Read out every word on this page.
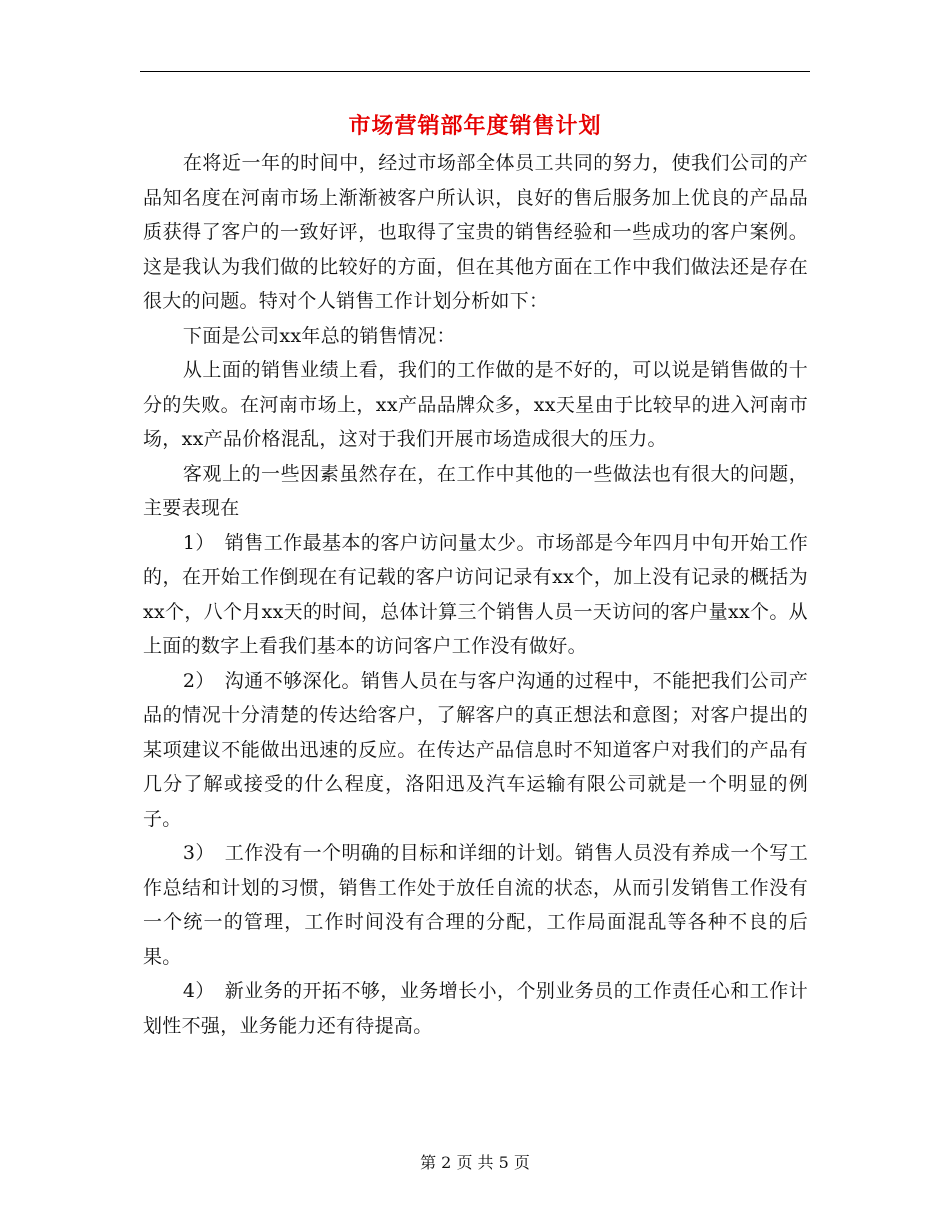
市场营销部年度销售计划

在将近一年的时间中，经过市场部全体员工共同的努力，使我们公司的产品知名度在河南市场上渐渐被客户所认识，良好的售后服务加上优良的产品品质获得了客户的一致好评，也取得了宝贵的销售经验和一些成功的客户案例。这是我认为我们做的比较好的方面，但在其他方面在工作中我们做法还是存在很大的问题。特对个人销售工作计划分析如下：

下面是公司xx年总的销售情况：

从上面的销售业绩上看，我们的工作做的是不好的，可以说是销售做的十分的失败。在河南市场上，xx产品品牌众多，xx天星由于比较早的进入河南市场，xx产品价格混乱，这对于我们开展市场造成很大的压力。

客观上的一些因素虽然存在，在工作中其他的一些做法也有很大的问题，主要表现在

1）　销售工作最基本的客户访问量太少。市场部是今年四月中旬开始工作的，在开始工作倒现在有记载的客户访问记录有xx个，加上没有记录的概括为xx个，八个月xx天的时间，总体计算三个销售人员一天访问的客户量xx个。从上面的数字上看我们基本的访问客户工作没有做好。

2）　沟通不够深化。销售人员在与客户沟通的过程中，不能把我们公司产品的情况十分清楚的传达给客户，了解客户的真正想法和意图；对客户提出的某项建议不能做出迅速的反应。在传达产品信息时不知道客户对我们的产品有几分了解或接受的什么程度，洛阳迅及汽车运输有限公司就是一个明显的例子。

3）　工作没有一个明确的目标和详细的计划。销售人员没有养成一个写工作总结和计划的习惯，销售工作处于放任自流的状态，从而引发销售工作没有一个统一的管理，工作时间没有合理的分配，工作局面混乱等各种不良的后果。

4）　新业务的开拓不够，业务增长小，个别业务员的工作责任心和工作计划性不强，业务能力还有待提高。

第 2 页 共 5 页
